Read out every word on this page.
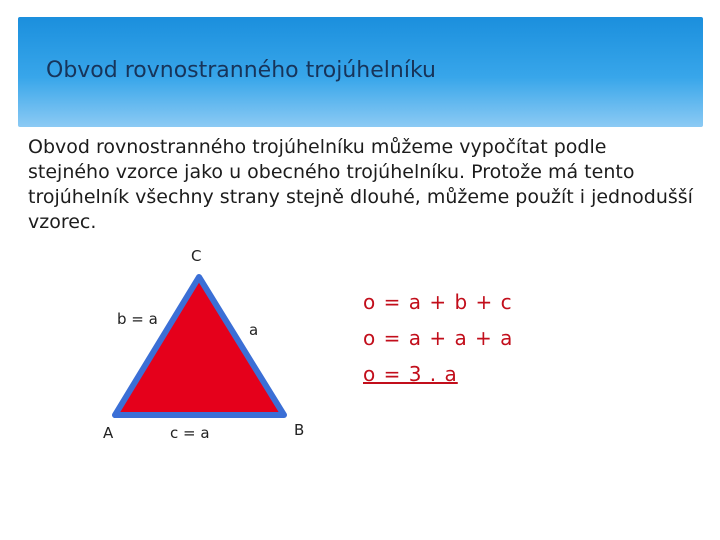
Obvod rovnostranného trojúhelníku
Obvod rovnostranného trojúhelníku můžeme vypočítat podle stejného vzorce jako u obecného trojúhelníku. Protože má tento trojúhelník všechny strany stejně dlouhé, můžeme použít i jednodušší vzorec.
C
A	B
b = a
a
c = a
o = a + b + c
o = a + a + a
o = 3 . a
